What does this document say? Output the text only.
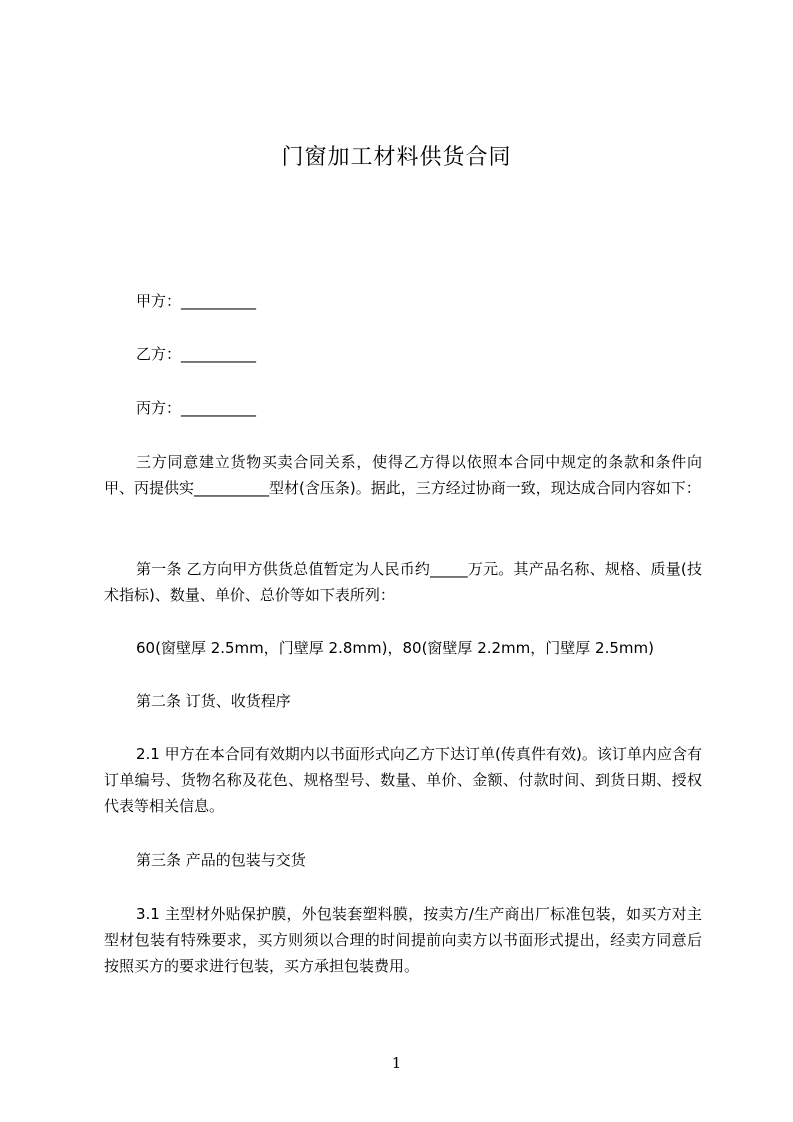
门窗加工材料供货合同
甲方：__________
乙方：__________
丙方：__________
三方同意建立货物买卖合同关系，使得乙方得以依照本合同中规定的条款和条件向甲、丙提供实__________型材(含压条)。据此，三方经过协商一致，现达成合同内容如下：
第一条 乙方向甲方供货总值暂定为人民币约_____万元。其产品名称、规格、质量(技术指标)、数量、单价、总价等如下表所列：
60(窗壁厚 2.5mm，门壁厚 2.8mm)，80(窗壁厚 2.2mm，门壁厚 2.5mm)
第二条 订货、收货程序
2.1 甲方在本合同有效期内以书面形式向乙方下达订单(传真件有效)。该订单内应含有订单编号、货物名称及花色、规格型号、数量、单价、金额、付款时间、到货日期、授权代表等相关信息。
第三条 产品的包装与交货
3.1 主型材外贴保护膜，外包装套塑料膜，按卖方/生产商出厂标准包装，如买方对主型材包装有特殊要求，买方则须以合理的时间提前向卖方以书面形式提出，经卖方同意后按照买方的要求进行包装，买方承担包装费用。
1
